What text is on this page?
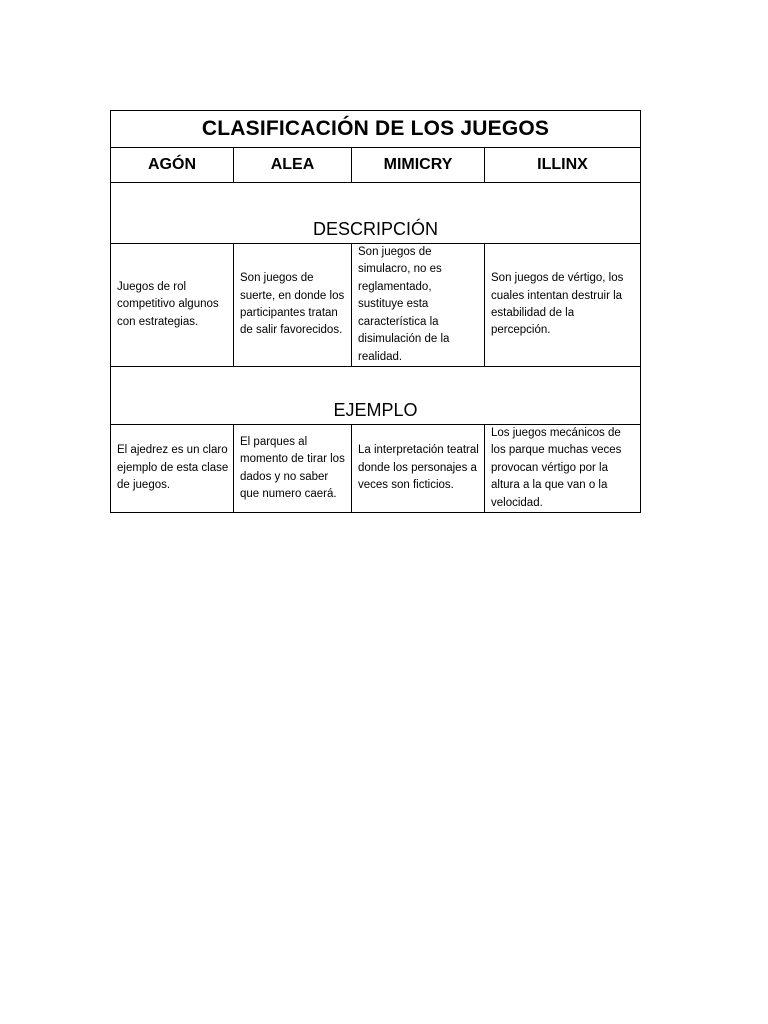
CLASIFICACIÓN DE LOS JUEGOS			
AGÓN	ALEA	MIMICRY	ILLINX
DESCRIPCIÓN			
Juegos de rol competitivo algunos con estrategias.	Son juegos de suerte, en donde los participantes tratan de salir favorecidos.	Son juegos de simulacro, no es reglamentado, sustituye esta característica la disimulación de la realidad.	Son juegos de vértigo, los cuales intentan destruir la estabilidad de la percepción.
EJEMPLO			
El ajedrez es un claro ejemplo de esta clase de juegos.	El parques al momento de tirar los dados y no saber que numero caerá.	La interpretación teatral donde los personajes a veces son ficticios.	Los juegos mecánicos de los parque muchas veces provocan vértigo por la altura a la que van o la velocidad.
